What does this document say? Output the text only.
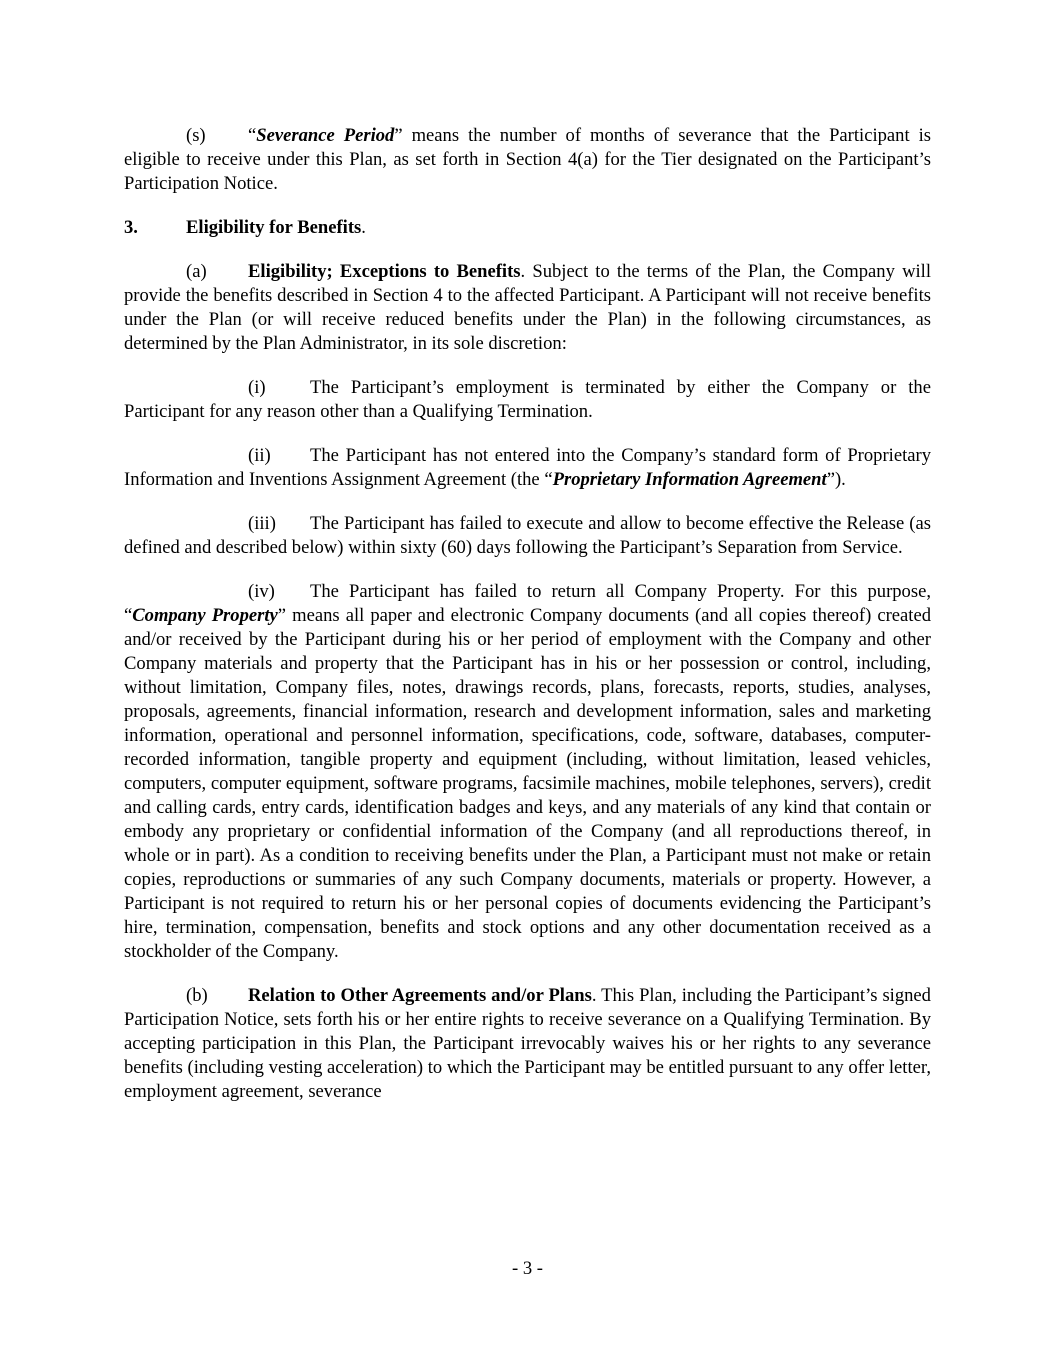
(s) “Severance Period” means the number of months of severance that the Participant is eligible to receive under this Plan, as set forth in Section 4(a) for the Tier designated on the Participant’s Participation Notice.

3.	Eligibility for Benefits.

(a) Eligibility; Exceptions to Benefits. Subject to the terms of the Plan, the Company will provide the benefits described in Section 4 to the affected Participant. A Participant will not receive benefits under the Plan (or will receive reduced benefits under the Plan) in the following circumstances, as determined by the Plan Administrator, in its sole discretion:

(i) The Participant’s employment is terminated by either the Company or the Participant for any reason other than a Qualifying Termination.

(ii) The Participant has not entered into the Company’s standard form of Proprietary Information and Inventions Assignment Agreement (the “Proprietary Information Agreement”).

(iii) The Participant has failed to execute and allow to become effective the Release (as defined and described below) within sixty (60) days following the Participant’s Separation from Service.

(iv) The Participant has failed to return all Company Property. For this purpose, “Company Property” means all paper and electronic Company documents (and all copies thereof) created and/or received by the Participant during his or her period of employment with the Company and other Company materials and property that the Participant has in his or her possession or control, including, without limitation, Company files, notes, drawings records, plans, forecasts, reports, studies, analyses, proposals, agreements, financial information, research and development information, sales and marketing information, operational and personnel information, specifications, code, software, databases, computer-recorded information, tangible property and equipment (including, without limitation, leased vehicles, computers, computer equipment, software programs, facsimile machines, mobile telephones, servers), credit and calling cards, entry cards, identification badges and keys, and any materials of any kind that contain or embody any proprietary or confidential information of the Company (and all reproductions thereof, in whole or in part). As a condition to receiving benefits under the Plan, a Participant must not make or retain copies, reproductions or summaries of any such Company documents, materials or property. However, a Participant is not required to return his or her personal copies of documents evidencing the Participant’s hire, termination, compensation, benefits and stock options and any other documentation received as a stockholder of the Company.

(b) Relation to Other Agreements and/or Plans. This Plan, including the Participant’s signed Participation Notice, sets forth his or her entire rights to receive severance on a Qualifying Termination. By accepting participation in this Plan, the Participant irrevocably waives his or her rights to any severance benefits (including vesting acceleration) to which the Participant may be entitled pursuant to any offer letter, employment agreement, severance

- 3 -
